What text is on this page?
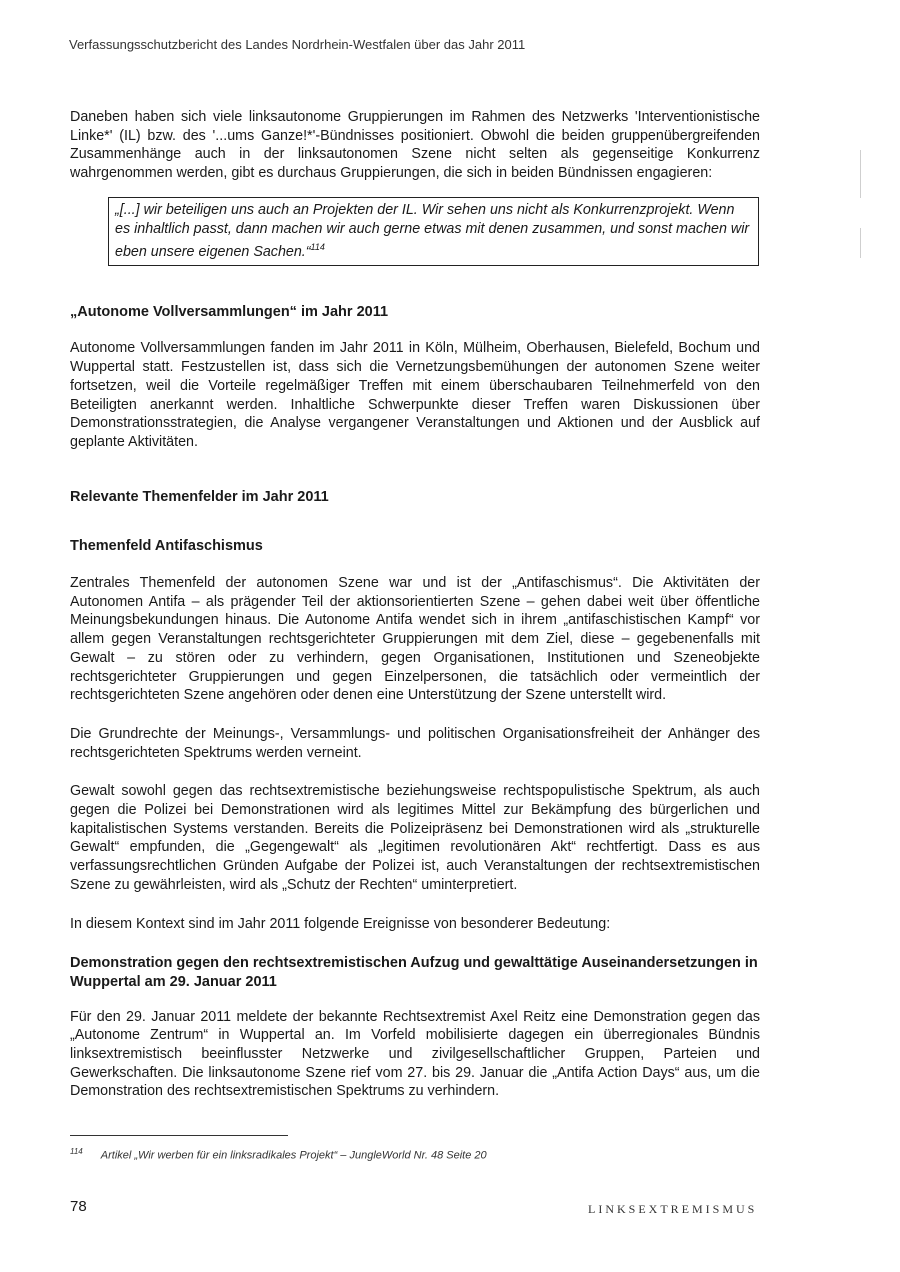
Verfassungsschutzbericht des Landes Nordrhein-Westfalen über das Jahr 2011

Daneben haben sich viele linksautonome Gruppierungen im Rahmen des Netzwerks 'Interventionistische Linke*' (IL) bzw. des '...ums Ganze!*'-Bündnisses positioniert. Obwohl die beiden gruppenübergreifenden Zusammenhänge auch in der linksautonomen Szene nicht selten als gegenseitige Konkurrenz wahrgenommen werden, gibt es durchaus Gruppierungen, die sich in beiden Bündnissen engagieren:

„[...] wir beteiligen uns auch an Projekten der IL. Wir sehen uns nicht als Konkurrenzprojekt. Wenn es inhaltlich passt, dann machen wir auch gerne etwas mit denen zusammen, und sonst machen wir eben unsere eigenen Sachen.“$^{114}$
„Autonome Vollversammlungen“ im Jahr 2011

Autonome Vollversammlungen fanden im Jahr 2011 in Köln, Mülheim, Oberhausen, Bielefeld, Bochum und Wuppertal statt. Festzustellen ist, dass sich die Vernetzungsbemühungen der autonomen Szene weiter fortsetzen, weil die Vorteile regelmäßiger Treffen mit einem überschaubaren Teilnehmerfeld von den Beteiligten anerkannt werden. Inhaltliche Schwerpunkte dieser Treffen waren Diskussionen über Demonstrationsstrategien, die Analyse vergangener Veranstaltungen und Aktionen und der Ausblick auf geplante Aktivitäten.

Relevante Themenfelder im Jahr 2011
Themenfeld Antifaschismus

Zentrales Themenfeld der autonomen Szene war und ist der „Antifaschismus“. Die Aktivitäten der Autonomen Antifa – als prägender Teil der aktionsorientierten Szene – gehen dabei weit über öffentliche Meinungsbekundungen hinaus. Die Autonome Antifa wendet sich in ihrem „antifaschistischen Kampf“ vor allem gegen Veranstaltungen rechtsgerichteter Gruppierungen mit dem Ziel, diese – gegebenenfalls mit Gewalt – zu stören oder zu verhindern, gegen Organisationen, Institutionen und Szeneobjekte rechtsgerichteter Gruppierungen und gegen Einzelpersonen, die tatsächlich oder vermeintlich der rechtsgerichteten Szene angehören oder denen eine Unterstützung der Szene unterstellt wird.

Die Grundrechte der Meinungs-, Versammlungs- und politischen Organisationsfreiheit der Anhänger des rechtsgerichteten Spektrums werden verneint.

Gewalt sowohl gegen das rechtsextremistische beziehungsweise rechtspopulistische Spektrum, als auch gegen die Polizei bei Demonstrationen wird als legitimes Mittel zur Bekämpfung des bürgerlichen und kapitalistischen Systems verstanden. Bereits die Polizeipräsenz bei Demonstrationen wird als „strukturelle Gewalt“ empfunden, die „Gegengewalt“ als „legitimen revolutionären Akt“ rechtfertigt. Dass es aus verfassungsrechtlichen Gründen Aufgabe der Polizei ist, auch Veranstaltungen der rechtsextremistischen Szene zu gewährleisten, wird als „Schutz der Rechten“ uminterpretiert.

In diesem Kontext sind im Jahr 2011 folgende Ereignisse von besonderer Bedeutung:

Demonstration gegen den rechtsextremistischen Aufzug und gewalttätige Auseinandersetzungen in Wuppertal am 29. Januar 2011

Für den 29. Januar 2011 meldete der bekannte Rechtsextremist Axel Reitz eine Demonstration gegen das „Autonome Zentrum“ in Wuppertal an. Im Vorfeld mobilisierte dagegen ein überregionales Bündnis linksextremistisch beeinflusster Netzwerke und zivilgesellschaftlicher Gruppen, Parteien und Gewerkschaften. Die linksautonome Szene rief vom 27. bis 29. Januar die „Antifa Action Days“ aus, um die Demonstration des rechtsextremistischen Spektrums zu verhindern.

$^{114}$ Artikel „Wir werben für ein linksradikales Projekt“ – JungleWorld Nr. 48 Seite 20
78	LINKSEXTREMISMUS
